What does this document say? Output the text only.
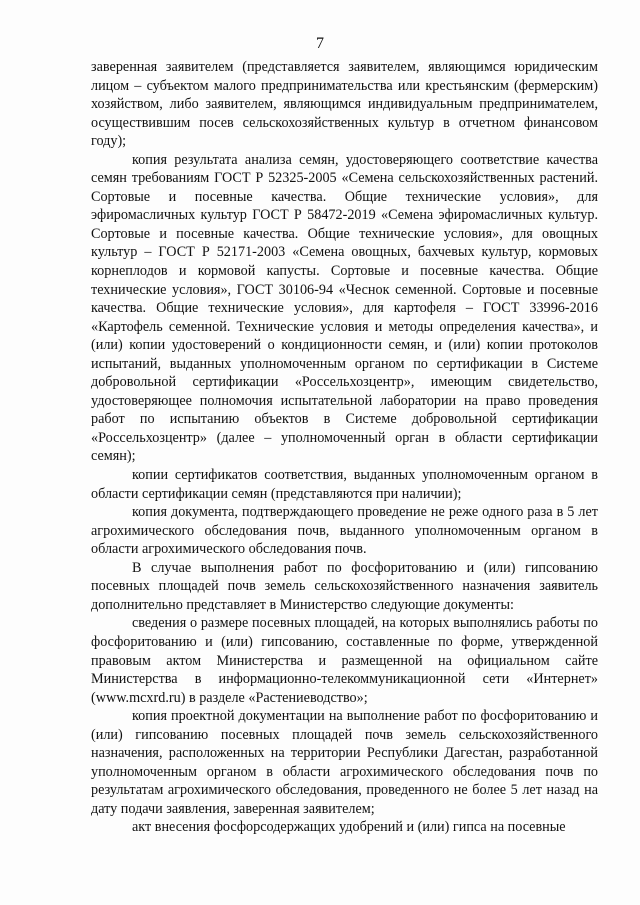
7

заверенная заявителем (представляется заявителем, являющимся юридическим лицом – субъектом малого предпринимательства или крестьянским (фермерским) хозяйством, либо заявителем, являющимся индивидуальным предпринимателем, осуществившим посев сельскохозяйственных культур в отчетном финансовом году);

копия результата анализа семян, удостоверяющего соответствие качества семян требованиям ГОСТ Р 52325-2005 «Семена сельскохозяйственных растений. Сортовые и посевные качества. Общие технические условия», для эфиромасличных культур ГОСТ Р 58472-2019 «Семена эфиромасличных культур. Сортовые и посевные качества. Общие технические условия», для овощных культур – ГОСТ Р 52171-2003 «Семена овощных, бахчевых культур, кормовых корнеплодов и кормовой капусты. Сортовые и посевные качества. Общие технические условия», ГОСТ 30106-94 «Чеснок семенной. Сортовые и посевные качества. Общие технические условия», для картофеля – ГОСТ 33996-2016 «Картофель семенной. Технические условия и методы определения качества», и (или) копии удостоверений о кондиционности семян, и (или) копии протоколов испытаний, выданных уполномоченным органом по сертификации в Системе добровольной сертификации «Россельхозцентр», имеющим свидетельство, удостоверяющее полномочия испытательной лаборатории на право проведения работ по испытанию объектов в Системе добровольной сертификации «Россельхозцентр» (далее – уполномоченный орган в области сертификации семян);

копии сертификатов соответствия, выданных уполномоченным органом в области сертификации семян (представляются при наличии);

копия документа, подтверждающего проведение не реже одного раза в 5 лет агрохимического обследования почв, выданного уполномоченным органом в области агрохимического обследования почв.

В случае выполнения работ по фосфоритованию и (или) гипсованию посевных площадей почв земель сельскохозяйственного назначения заявитель дополнительно представляет в Министерство следующие документы:

сведения о размере посевных площадей, на которых выполнялись работы по фосфоритованию и (или) гипсованию, составленные по форме, утвержденной правовым актом Министерства и размещенной на официальном сайте Министерства в информационно-телекоммуникационной сети «Интернет» (www.mcxrd.ru) в разделе «Растениеводство»;

копия проектной документации на выполнение работ по фосфоритованию и (или) гипсованию посевных площадей почв земель сельскохозяйственного назначения, расположенных на территории Республики Дагестан, разработанной уполномоченным органом в области агрохимического обследования почв по результатам агрохимического обследования, проведенного не более 5 лет назад на дату подачи заявления, заверенная заявителем;

акт внесения фосфорсодержащих удобрений и (или) гипса на посевные
